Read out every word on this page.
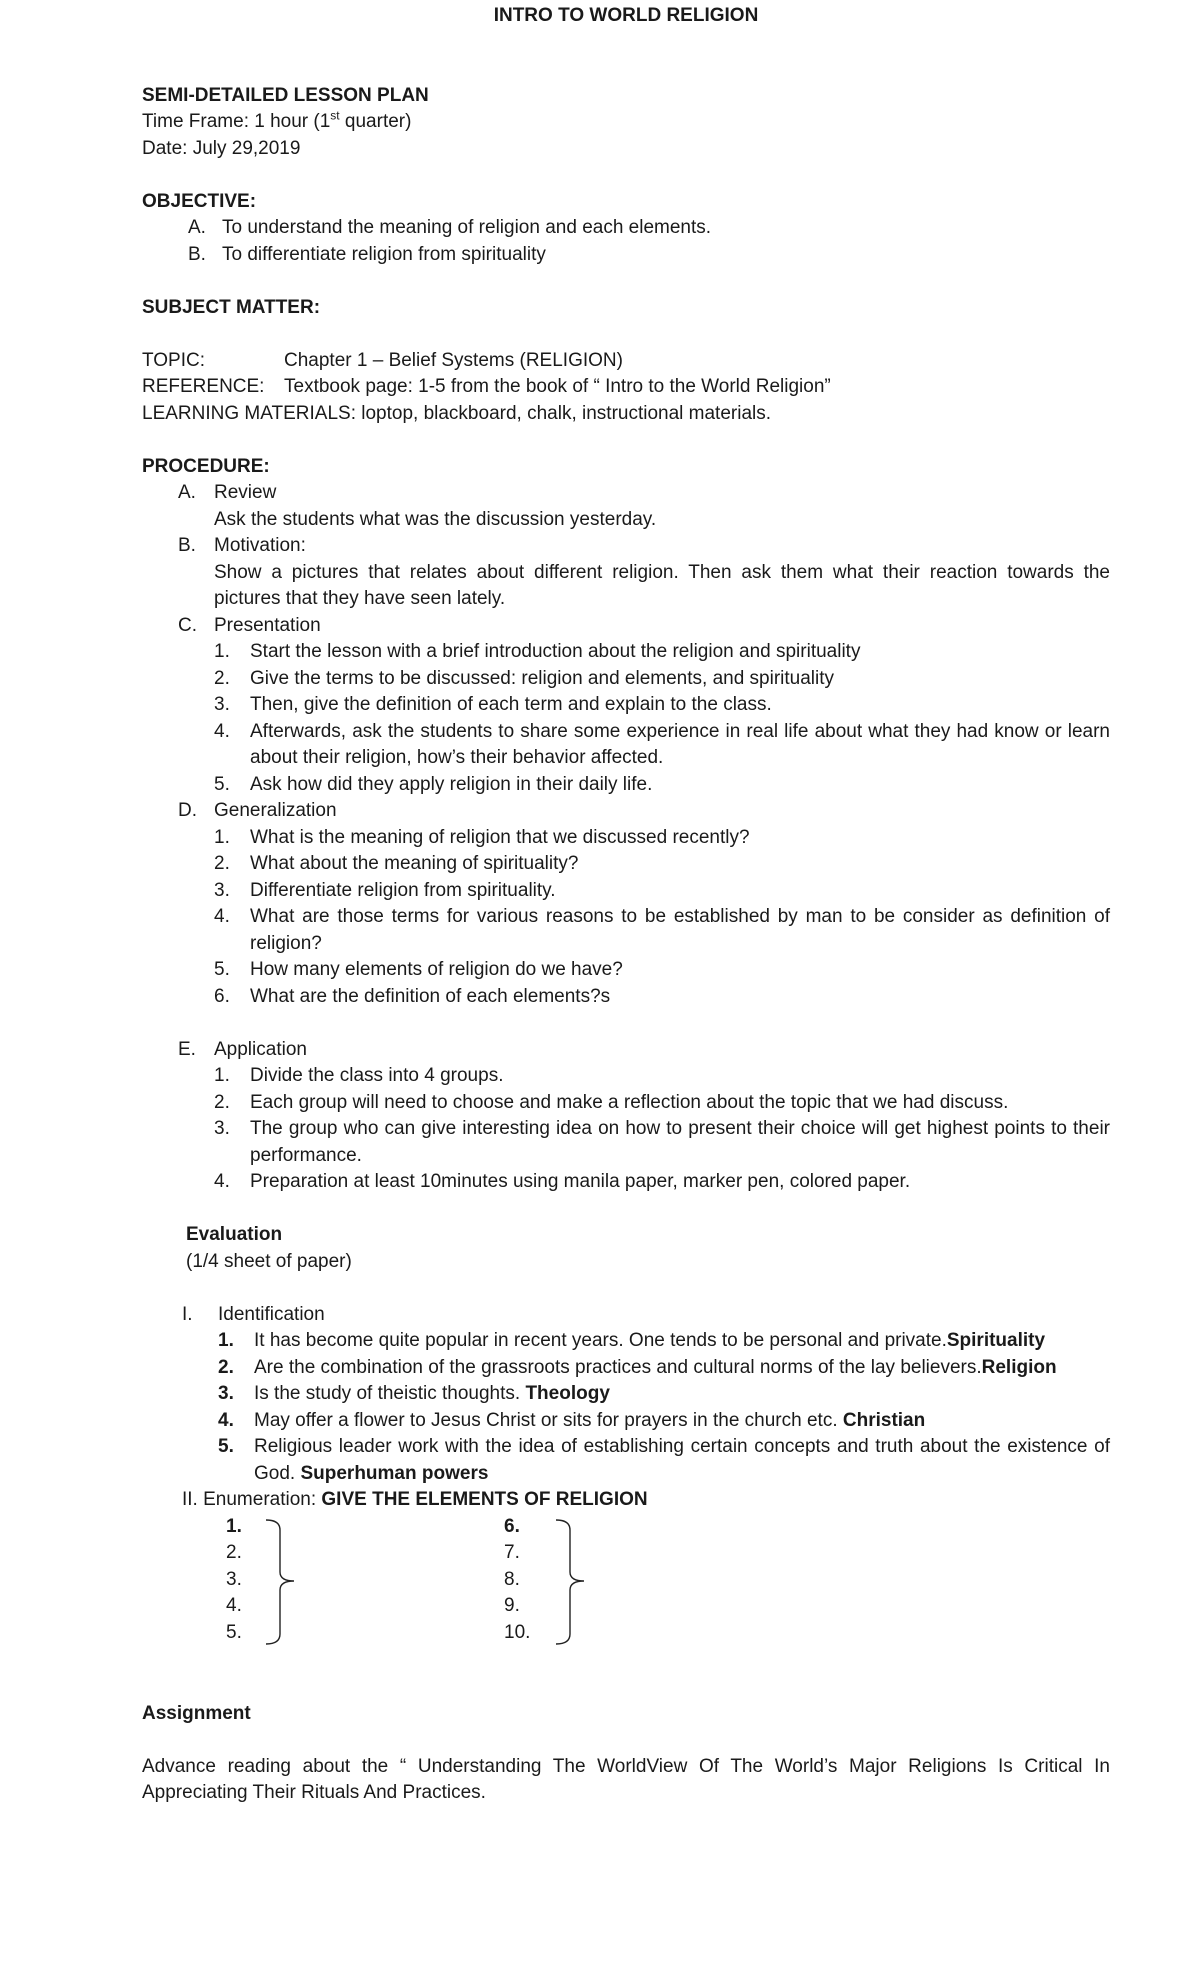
INTRO TO WORLD RELIGION
SEMI-DETAILED LESSON PLAN
Time Frame: 1 hour (1st quarter)
Date: July 29,2019
OBJECTIVE:
A. To understand the meaning of religion and each elements.
B. To differentiate religion from spirituality
SUBJECT MATTER:
TOPIC:	Chapter 1 – Belief Systems (RELIGION)
REFERENCE:	Textbook page: 1-5 from the book of “ Intro to the World Religion”
LEARNING MATERIALS: loptop, blackboard, chalk, instructional materials.
PROCEDURE:
A. Review
Ask the students what was the discussion yesterday.
B. Motivation:
Show a pictures that relates about different religion. Then ask them what their reaction towards the pictures that they have seen lately.
C. Presentation
1.	Start the lesson with a brief introduction about the religion and spirituality
2.	Give the terms to be discussed: religion and elements, and spirituality
3.	Then, give the definition of each term and explain to the class.
4.	Afterwards, ask the students to share some experience in real life about what they had know or learn about their religion, how’s their behavior affected.
5.	Ask how did they apply religion in their daily life.
D. Generalization
1.	What is the meaning of religion that we discussed recently?
2.	What about the meaning of spirituality?
3.	Differentiate religion from spirituality.
4.	What are those terms for various reasons to be established by man to be consider as definition of religion?
5.	How many elements of religion do we have?
6.	What are the definition of each elements?s
E. Application
1.	Divide the class into 4 groups.
2.	Each group will need to choose and make a reflection about the topic that we had discuss.
3.	The group who can give interesting idea on how to present their choice will get highest points to their performance.
4.	Preparation at least 10minutes using manila paper, marker pen, colored paper.
Evaluation
(1/4 sheet of paper)
I.	Identification
1.	It has become quite popular in recent years. One tends to be personal and private.Spirituality
2.	Are the combination of the grassroots practices and cultural norms of the lay believers.Religion
3.	Is the study of theistic thoughts. Theology
4.	May offer a flower to Jesus Christ or sits for prayers in the church etc. Christian
5.	Religious leader work with the idea of establishing certain concepts and truth about the existence of God. Superhuman powers
II. Enumeration: GIVE THE ELEMENTS OF RELIGION
1.
2.
3.
4.
5.
6.
7.
8.
9.
10.
Assignment
Advance reading about the “ Understanding The WorldView Of The World’s Major Religions Is Critical In Appreciating Their Rituals And Practices.
